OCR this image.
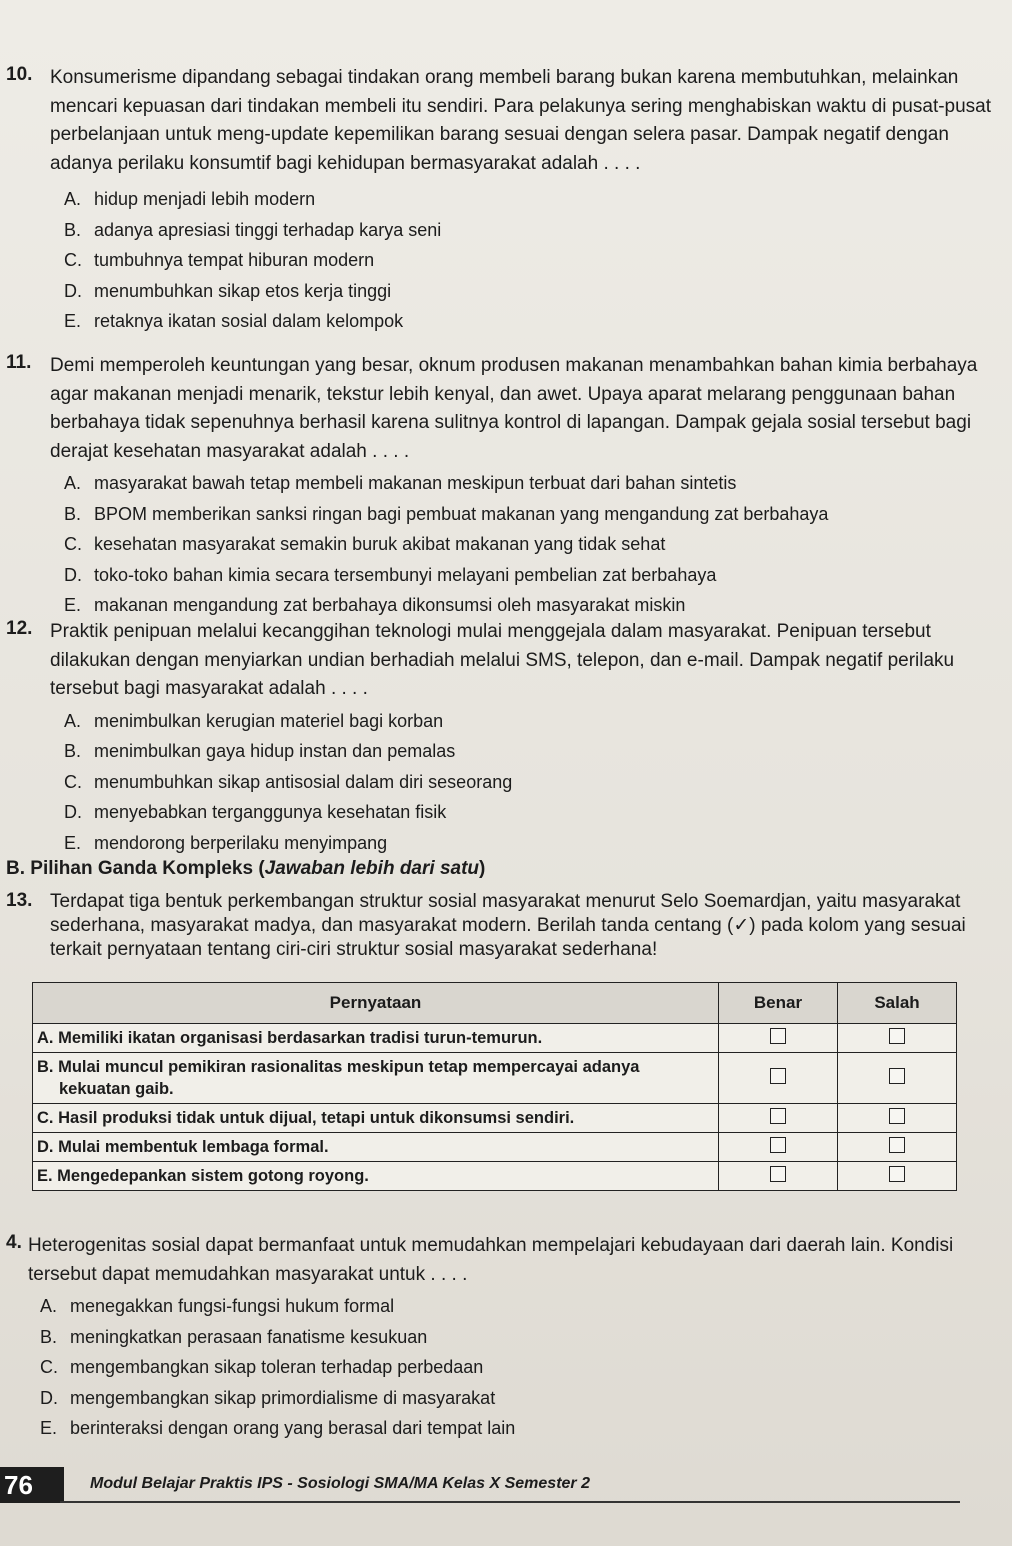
10. Konsumerisme dipandang sebagai tindakan orang membeli barang bukan karena membutuhkan, melainkan mencari kepuasan dari tindakan membeli itu sendiri. Para pelakunya sering menghabiskan waktu di pusat-pusat perbelanjaan untuk meng-update kepemilikan barang sesuai dengan selera pasar. Dampak negatif dengan adanya perilaku konsumtif bagi kehidupan bermasyarakat adalah . . . .
A. hidup menjadi lebih modern
B. adanya apresiasi tinggi terhadap karya seni
C. tumbuhnya tempat hiburan modern
D. menumbuhkan sikap etos kerja tinggi
E. retaknya ikatan sosial dalam kelompok
11. Demi memperoleh keuntungan yang besar, oknum produsen makanan menambahkan bahan kimia berbahaya agar makanan menjadi menarik, tekstur lebih kenyal, dan awet. Upaya aparat melarang penggunaan bahan berbahaya tidak sepenuhnya berhasil karena sulitnya kontrol di lapangan. Dampak gejala sosial tersebut bagi derajat kesehatan masyarakat adalah . . . .
A. masyarakat bawah tetap membeli makanan meskipun terbuat dari bahan sintetis
B. BPOM memberikan sanksi ringan bagi pembuat makanan yang mengandung zat berbahaya
C. kesehatan masyarakat semakin buruk akibat makanan yang tidak sehat
D. toko-toko bahan kimia secara tersembunyi melayani pembelian zat berbahaya
E. makanan mengandung zat berbahaya dikonsumsi oleh masyarakat miskin
12. Praktik penipuan melalui kecanggihan teknologi mulai menggejala dalam masyarakat. Penipuan tersebut dilakukan dengan menyiarkan undian berhadiah melalui SMS, telepon, dan e-mail. Dampak negatif perilaku tersebut bagi masyarakat adalah . . . .
A. menimbulkan kerugian materiel bagi korban
B. menimbulkan gaya hidup instan dan pemalas
C. menumbuhkan sikap antisosial dalam diri seseorang
D. menyebabkan terganggunya kesehatan fisik
E. mendorong berperilaku menyimpang
B. Pilihan Ganda Kompleks (Jawaban lebih dari satu)
13. Terdapat tiga bentuk perkembangan struktur sosial masyarakat menurut Selo Soemardjan, yaitu masyarakat sederhana, masyarakat madya, dan masyarakat modern. Berilah tanda centang (✓) pada kolom yang sesuai terkait pernyataan tentang ciri-ciri struktur sosial masyarakat sederhana!
Pernyataan	Benar	Salah
A. Memiliki ikatan organisasi berdasarkan tradisi turun-temurun.		
B. Mulai muncul pemikiran rasionalitas meskipun tetap mempercayai adanya kekuatan gaib.		
C. Hasil produksi tidak untuk dijual, tetapi untuk dikonsumsi sendiri.		
D. Mulai membentuk lembaga formal.		
E. Mengedepankan sistem gotong royong.		
4. Heterogenitas sosial dapat bermanfaat untuk memudahkan mempelajari kebudayaan dari daerah lain. Kondisi tersebut dapat memudahkan masyarakat untuk . . . .
A. menegakkan fungsi-fungsi hukum formal
B. meningkatkan perasaan fanatisme kesukuan
C. mengembangkan sikap toleran terhadap perbedaan
D. mengembangkan sikap primordialisme di masyarakat
E. berinteraksi dengan orang yang berasal dari tempat lain
76	Modul Belajar Praktis IPS - Sosiologi SMA/MA Kelas X Semester 2
